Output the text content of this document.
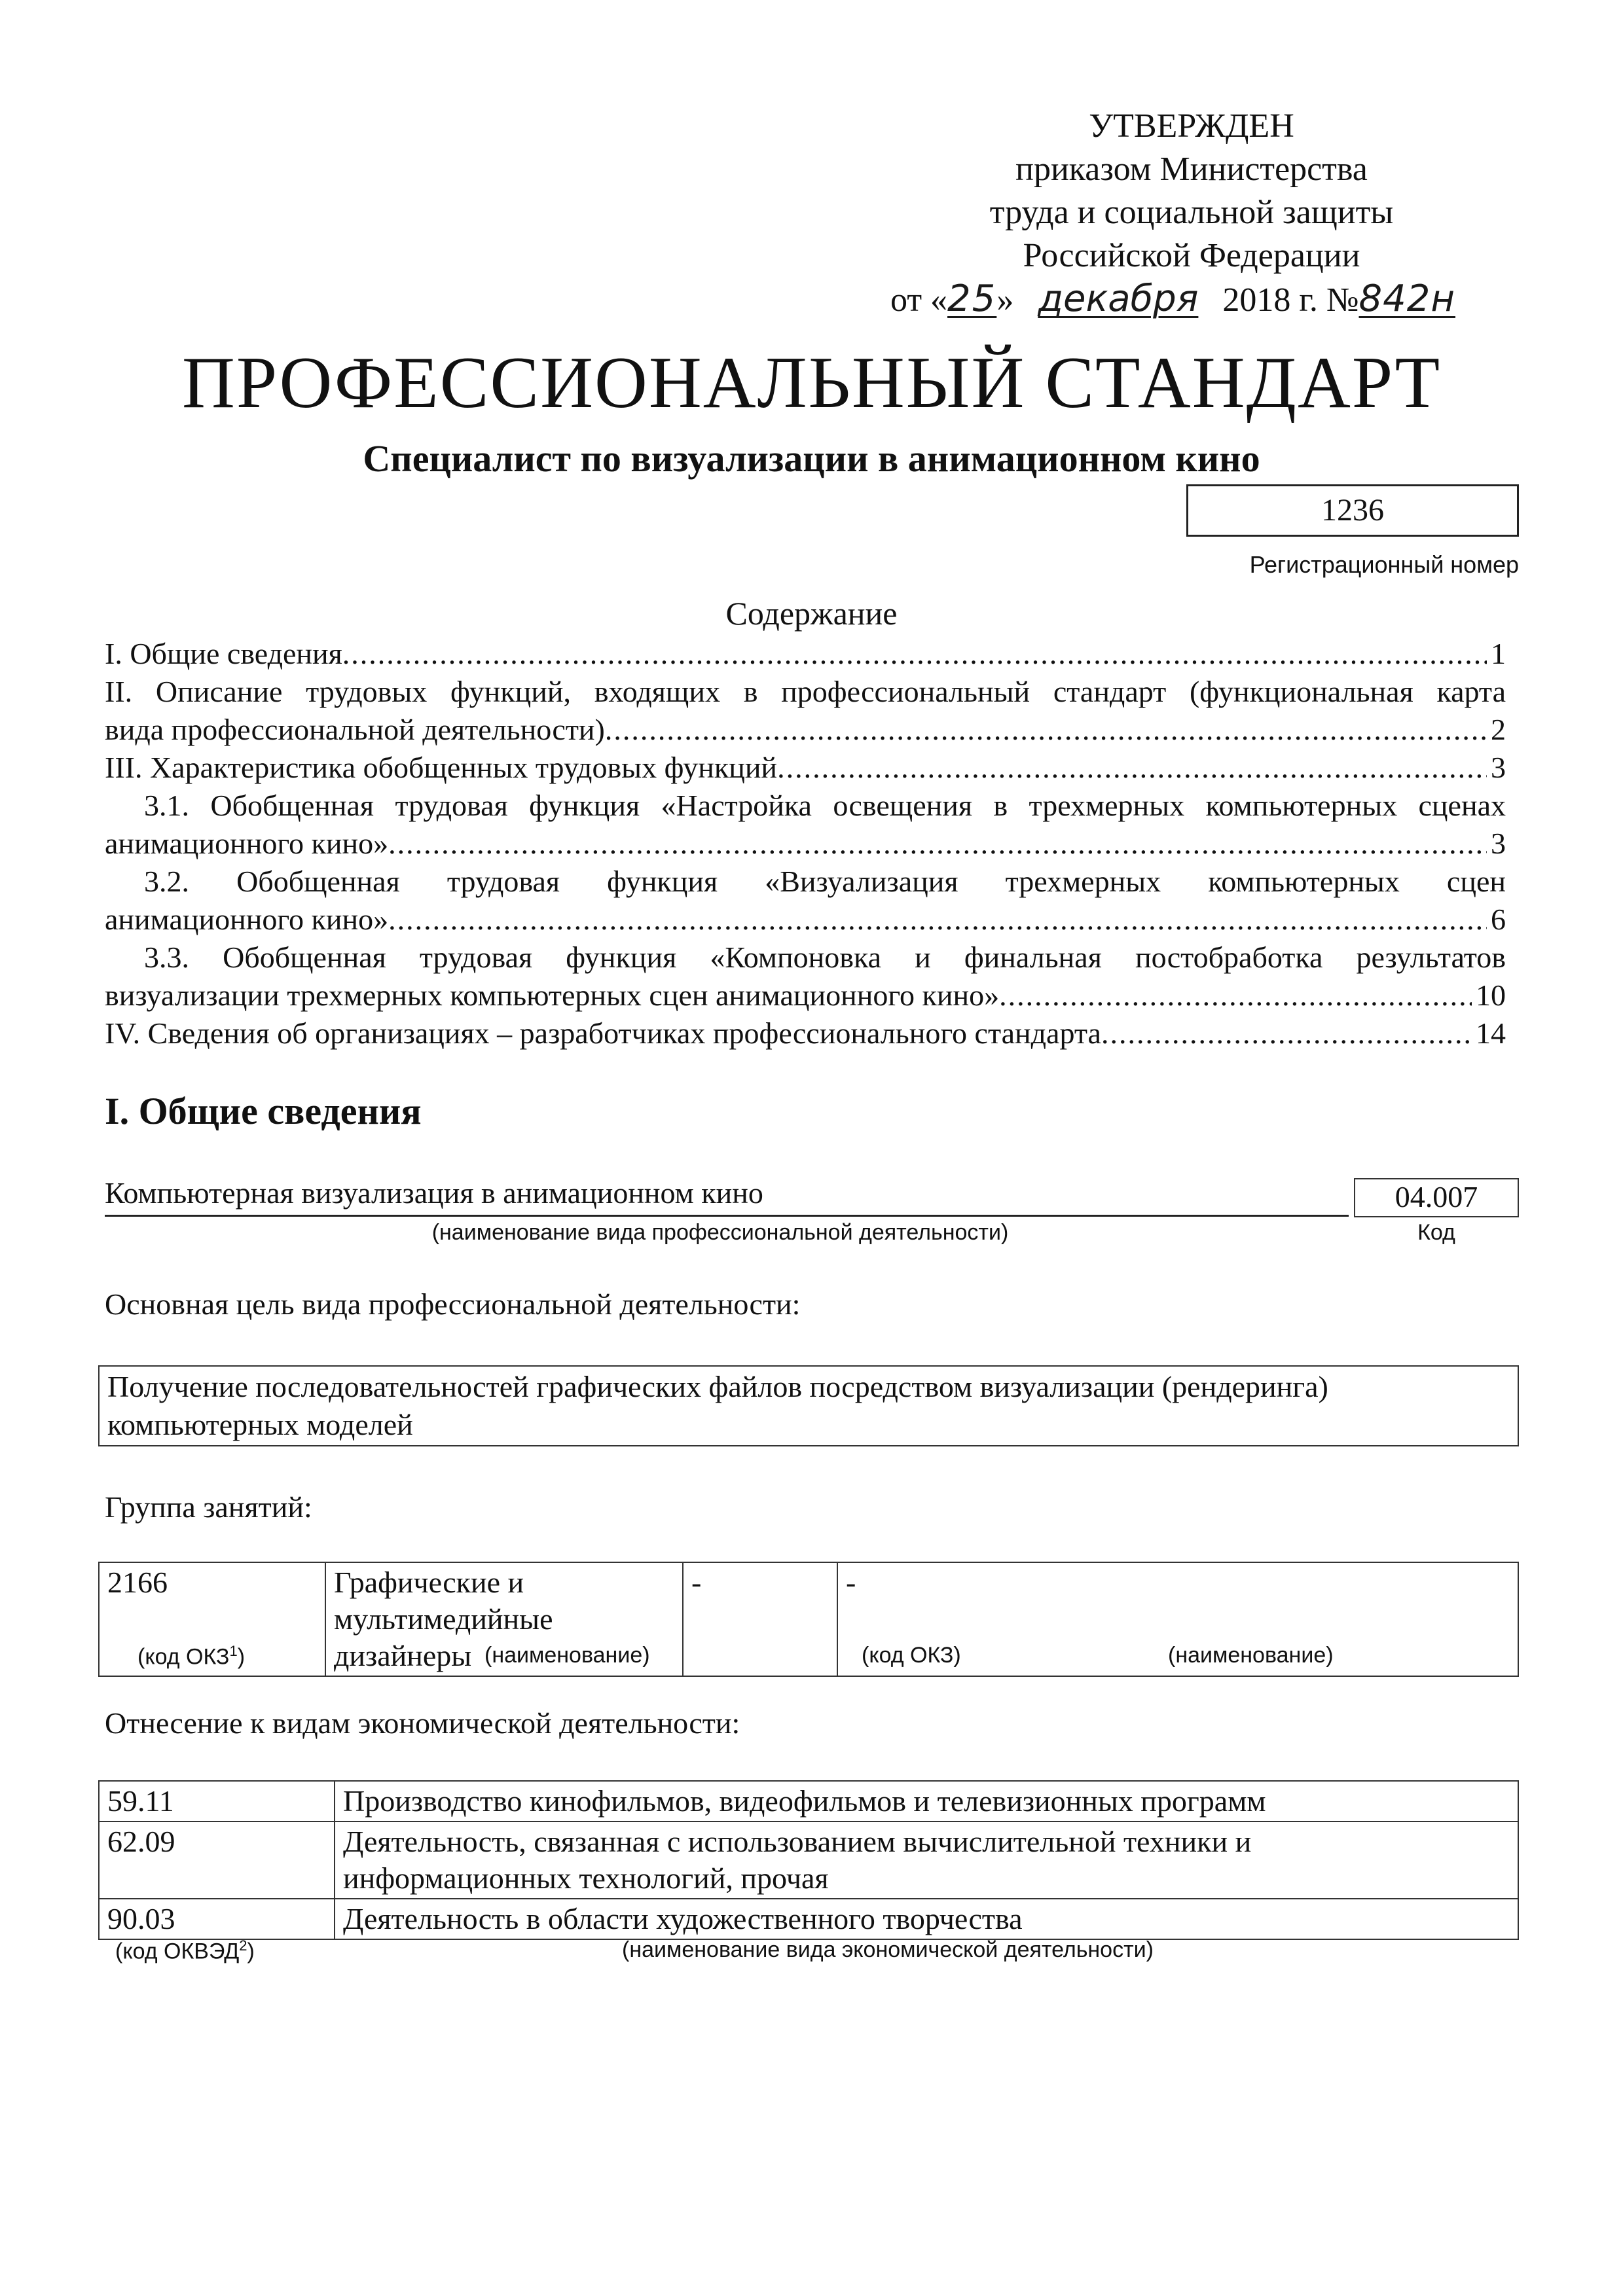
УТВЕРЖДЕН
приказом Министерства
труда и социальной защиты
Российской Федерации
от «25» декабря 2018 г. №842н
ПРОФЕССИОНАЛЬНЫЙ СТАНДАРТ
Специалист по визуализации в анимационном кино
1236
Регистрационный номер
Содержание
I. Общие сведения .....	1
II. Описание трудовых функций, входящих в профессиональный стандарт (функциональная карта
вида профессиональной деятельности) .....	2
III. Характеристика обобщенных трудовых функций .....	3
3.1. Обобщенная трудовая функция «Настройка освещения в трехмерных компьютерных сценах
анимационного кино» .....	3
3.2. Обобщенная трудовая функция «Визуализация трехмерных компьютерных сцен
анимационного кино» .....	6
3.3. Обобщенная трудовая функция «Компоновка и финальная постобработка результатов
визуализации трехмерных компьютерных сцен анимационного кино» .....	10
IV. Сведения об организациях – разработчиках профессионального стандарта .....	14
I. Общие сведения
Компьютерная визуализация в анимационном кино	04.007
(наименование вида профессиональной деятельности)	Код
Основная цель вида профессиональной деятельности:
Получение последовательностей графических файлов посредством визуализации (рендеринга)
компьютерных моделей
Группа занятий:
2166	Графические и мультимедийные дизайнеры	-	-
(код ОКЗ$^1$)	(наименование)	(код ОКЗ)	(наименование)
Отнесение к видам экономической деятельности:
59.11	Производство кинофильмов, видеофильмов и телевизионных программ
62.09	Деятельность, связанная с использованием вычислительной техники и информационных технологий, прочая
90.03	Деятельность в области художественного творчества
(код ОКВЭД$^2$)	(наименование вида экономической деятельности)
